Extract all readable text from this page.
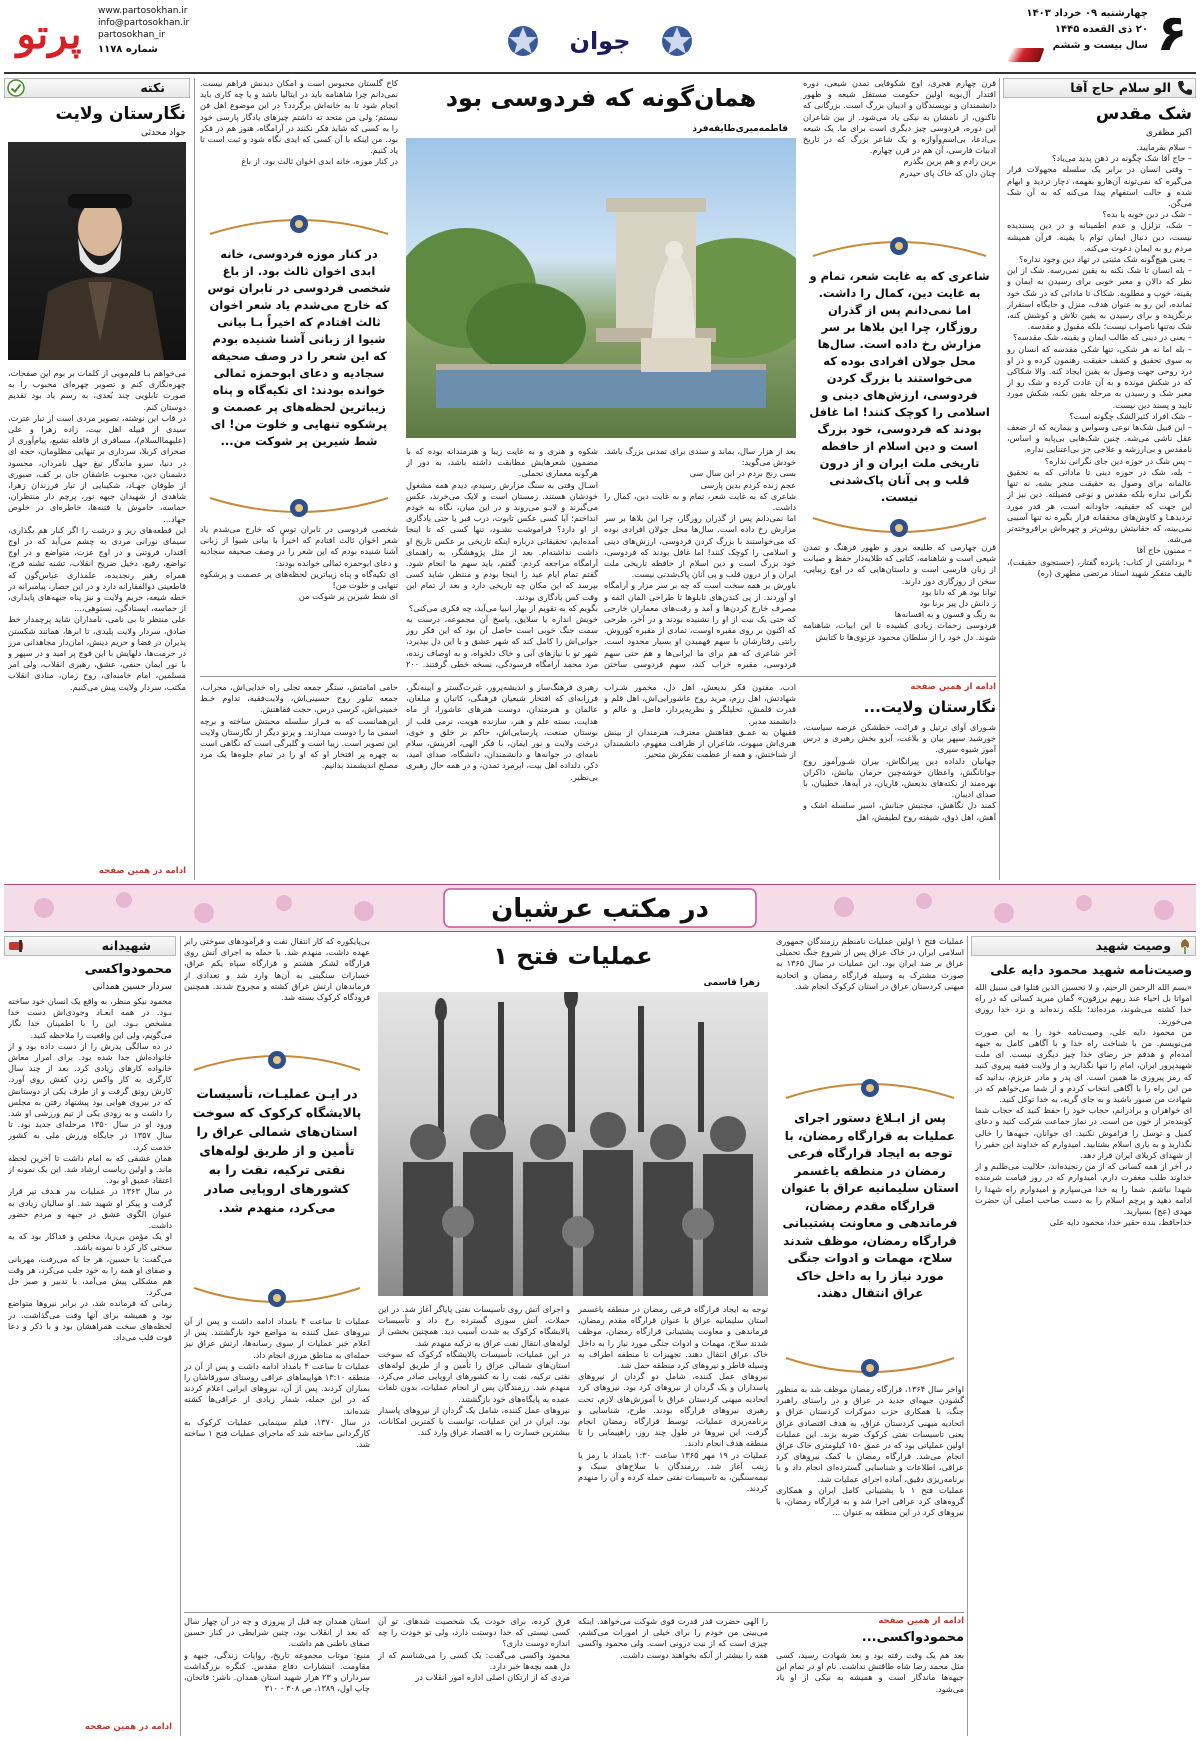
۶
چهارشنبه ۰۹ خرداد ۱۴۰۳
۲۰ ذی القعده ۱۴۴۵
سال بیست و ششم
جوان
www.partosokhan.ir
info@partosokhan.ir
partosokhan_ir
شماره ۱۱۷۸
پرتو
الو سلام حاج آقا
شک مقدس
اکبر مظفری
– سلام بفرمایید.
– حاج آقا شک چگونه در ذهن پدید می‌یاد؟
– وقتی انسان در برابر یک سلسله مجهولات قرار می‌گیره که نمی‌تونه آن‌هارو بفهمه، دچار تردید و ابهام شده و حالت استفهام پیدا می‌کنه که به آن شک می‌گن.
– شک در دین خوبه یا بده؟
– شک، تزلزل و عدم اطمینانه و در دین پسندیده نیست، دین دنبال ایمان توام با یقینه. قرآن همیشه مردم رو به ایمان دعوت می‌کنه.
– یعنی هیچ‌گونه شک مثبتی در تهاد دین وجود نداره؟
– بله انسان تا شک نکنه به یقین نمی‌رسه. شک از این نظر که دالان و معبر خوبی برای رسیدن به ایمان و یقینه، خوب و مطلوبه. شکاک تا ماداتی که در شک خود تمانده، این رو به عنوان هدف، منزل و جایگاه استقرار برنگزیده و برای رسیدن به یقین تلاش و کوشش کنه، شک نه‌تنها ناصواب نیست؛ بلکه مقبول و مقدسه.
– یعنی در دینی که طالب ایمان و یقینه، شک مقدسه؟
– بله اما نه هر شکی، تنها شکی مقدسه که انسان رو به سوی تحقیق و کشف حقیقت رهنمون کرده و در او درد روحی جهت وصول به یقین ایجاد کنه. والا شکاکی که در شکش مونده و به آن عادت کرده و شک رو از معبر شک و رسیدن به مرحله یقین تکنه، شکش مورد تایید و پسند دین نیست.
– شک افراد کثیرالشک چگونه است؟
– این قبیل شک‌ها نوعی وسواس و بیماریه که از ضعف عقل ناشی می‌شه. چنین شک‌هایی بی‌پایه و اساس، نامقدس و بی‌ارزشه و علاجی جز بی‌اعتنایی نداره.
– پس شک در حوزه دین جای نگرانی نداره؟
– بله، شک در حوزه دینی تا ماداتی که به تحقیق عالمانه برای وصول به حقیقت منجر بشه، نه تنها نگرانی نداره بلکه مقدس و نوعی فضیلته. دین نیز از این جهت که حقیقیه، جاودانه است، هر قدر مورد تردیدهـا و کاوش‌های محققانه قرار بگیره نه تنها آسیبی نمی‌بینه، که حقانیتش روشن‌تر و چهره‌اش برافروخته‌تر می‌شه.
– ممنون حاج آقا
* برداشتی از کتاب: پانزده گفتار، (جستجوی حقیقت)، تالیف متفکر شهید استاد مرتضی مطهری (ره)
قرن چهارم هجری، اوج شکوفایی تمدن شیعی، دوره اقتدار آل‌بویه اولین حکومت مستقل شیعه و ظهور دانشمندان و نویسندگان و ادیبان بزرگ است. بزرگانی که تاکنون، از نامشان به نیکی یاد می‌شود. از بین شاعران این دوره، فردوسی چیز دیگری است برای ما. یک شیعه بی‌ادعا، بی‌اسم‌وآوازه و یک شاعر بزرگ که در تاریخ ادبیات فارسی، آن هم در قرن چهارم.
برین زادم و هم برین بگذرم
چنان دان که خاک پای حیدرم
شاعری که به غایت شعر، تمام و به غایت دین، کمال را داشت. اما نمی‌دانم پس از گذران روزگار، چرا این بلاها بر سر مزارش رخ داده است. سال‌ها محل جولان افرادی بوده که می‌خواستند با بزرگ کردن فردوسی، ارزش‌های دینی و اسلامی را کوچک کنند! اما غافل بودند که فردوسی، خود بزرگ است و دین اسلام از حافظه تاریخی ملت ایران و از درون قلب و پی آنان پاک‌شدنی نیست.
قرن چهارمی که طلیعه بروز و ظهور فرهنگ و تمدن شیعی است و شاهنامه، کتابی که طلایه‌دار حفظ و صیانت از زبان فارسی است و داستان‌هایی که در اوج زیبایی، سخن از روزگاری دور دارند.
توانا بود هر که دانا بود
ز دانش دل پیر برنا بود
به رنگ و فسون و به افسانه‌ها
فردوسی زحمات زیادی کشیده تا این ابیات، شاهنامه شوند. دل خود را از سلطان محمود غزنوی‌ها تا کتابش
همان‌گونه که فردوسی بود
فاطمه‌میری‌طایفه‌فرد
بعد از هزار سال، بماند و سندی برای تمدنی بزرگ باشد. خودش می‌گوید:
بسی رنج بردم در این سال سی
عجم زنده کردم بدین پارسی
شاعری که به غایت شعر، تمام و به غایت دین، کمال را داشت.
اما نمی‌دانم پس از گذران روزگار، چرا این بلاها بر سر مزارش رخ داده است. سال‌ها محل جولان افرادی بوده که می‌خواستند با بزرگ کردن فردوسی، ارزش‌های دینی و اسلامی را کوچک کنند! اما غافل بودند که فردوسی، خود بزرگ است و دین اسلام از حافظه تاریخی ملت ایران و از درون قلب و پی آنان پاک‌شدنی نیست.
باورش بر همه سخت است که چه بر سر مزار و آرامگاه او آوردند. از پی کندن‌های تابلوها تا طراحی المان ائمه و مصرف خارج کردن‌ها و آمد و رفت‌های معماران خارجی که حتی یک بیت از او را نشنیده بودند و در آخر، طرحی که اکنون بر روی مقبره اوست، نمادی از مقبره کوروش. رانتی رفتارشان با سهم فهمیدن او بسیار محدود است. آخر شاعری که هم برای ما ایرانی‌ها و هم حتی سهم فردوسی، مقبره خراب کند، سهم فردوسی ساختن
شکوه و هنری و به غایت زیبا و هنرمندانه بوده که با مضمون شعرهایش مطابقت داشته باشد، به دور از هرگونه معماری تجملی.
اسـال وقتی به سنگ مزارش رسیدم، دیدم همه مشغول خودشان هستند. زمستان است و لایک می‌خرند، عکس می‌گیرند و لایـو می‌روند و در این میان، نگاه به خودم انداختم؛ آیا کسی عکس تابوت، درب قبر یا حتی یادگاری از او دارد؟ فراموشت نشـود، تنها کسی که تا اینجا آمده‌ایم، تحقیقاتی درباره اینکه تاریخی بر عکس تاریخ او داشت نداشته‌ام. بعد از مثل پژوهشگر، به راهنمای آرامگاه مراجعه کردم. گفتم، باید سهم ما انجام شود. گفتم تمام ایام عید را اینجا بودم و منتظر، شاید کسی بپرسد که این مکان چه تاریخی دارد و بعد از تمام این وقت کس یادگاری بودند.
بگویم که به تقویم از بهار انبیا می‌آید، چه فکری می‌کنی؟
خویش اندازه یا سلایق، پاسخ آن مجموعه، درست به سمت جنگ خوبی است حاصل آن بود که این فکر روز جوانی‌اش را کامل کند که شهر عشق و با این دل بپذیرد، شهر تو با نیازهای آبی و خاک دلخواه، و به اوصاف زنده، مرد محمد آرامگاه فرسودگی، نسخه خطی گرفتند. ۲۰۰
کاخ گلستان محبوس است و امکان دیدنش فراهم نیست. نمی‌دانم چرا شاهنامه باید در ایتالیا باشد و یا چه کاری باید انجام شود تا به خانه‌اش برگردد؟ در این موضوع اهل فن نیستم؛ ولی من متحد ته داشتم چیزهای یادگار پارسی خود را به کسی که شاید فکر نکنند در آرامگاه، هنوز هم در فکر بود. من اینکه با آن کسی که ایدی نگاه شود و ثبت است تا یاد کنیم.
در کنار موزه، خانه ابدی اخوان ثالث بود. از باغ
در کنار موزه فردوسی، خانه ابدی اخوان ثالث بود. از باغ شخصی فردوسی در تابران توس که خارج می‌شدم یاد شعر اخوان ثالث افتادم که اخیراً بـا بیانی شیوا از زبانی آشنا شنیده بودم که این شعر را در وصف صحیفه سجادیه و دعای ابوحمزه ثمالی خوانده بودند: ای تکیه‌گاه و پناه زیباترین لحظه‌های پر عصمت و پرشکوه تنهایی و خلوت من! ای شط شیرین پر شوکت من...
شخصی فردوسی در تابران توس که خارج می‌شدم یاد شعر اخوان ثالث افتادم که اخیراً با بیانی شیوا از زبانی آشنا شنیده بودم که این شعر را در وصف صحیفه سجادیه و دعای ابوحمزه ثمالی خوانده بودند:
ای تکیه‌گاه و پناه زیباترین لحظه‌های پر عصمت و پرشکوه تنهایی و خلوت من!
ای شط شیرین پر شوکت من
ادامه از همین صفحه
نگارستان ولایت...
شـورای آوای ترتیل و قرائت، خطشکن عرصه سیاست، خورشید سپهر بیان و بلاغت، آبرو بخش رهبری و درس آموز شیوه سپری.
جهانیان دلداده دین پیرانگاش، بیران شـورآموز روح جوانانگش، واعظان خوشه‌چین حرمان بیانش، ذاکران بهره‌مند از نکته‌های بدیعش، قاریان، در آیه‌ها، خطیبان، با صدای ادیبان.
کمند دل نگاهش، مجنبش جنانش، اسیر سلسله اشک و آهش، اهل ذوق، شیفته روح لطیفش، اهل
ادب، مفتون فکر بدیعش، اهل دل، مخمور شـراب شهادتش، اهل رزم، مرید روح عاشورایی‌اش، اهل قلم و قدرت قلمش، تحلیلگر و نظریه‌پرداز، فاضل و عالم و دانشمند مدبر.
فقیهان به عمـق فقاهتش معترف، هنرمندان از بینش هنری‌اش مبهوت، شاعران از ظرافت مفهوم، دانشمندان از شناختش، و همه از عظمت تفکرش متحیر.
رهبری فرهنگ‌ساز و اندیشه‌پرور، غیرت‌گستر و آیینه‌نگر، فرزانه‌ای که افتخار شیعیان فرهنگی، کاتبان و مبلغان، عالمان و هنرمندان، دوست هنرهای عاشورا، از ماه هدایت، بسته علم و هنر، سازنده هویت، نرمی قلب از بوستان صنعت، پارسایی‌اش، حاکم بر خلق و خوی، درخت ولایت و نور ایمان، با فکر الهی، آفرینش، سلام نامه‌ای در جوانه‌ها و دانشمندان، دانشگاه، صدای امید، ذکر، دلداده اهل بیت، ابرمرد تمدن، و در همه حال رهبری بی‌نظیر.
حامی امامتش، سنگر جمعه تجلی راه خدایی‌اش، محراب، جمعه تبلور روح حسینی‌اش، ولایت‌فقیه، تداوم خـط خمینی‌اش، کرسی درس، حجت فقاهتش.
این‌همانست که به فـراز سلسله محبتش ساخته و برچه اسمی ما را دوست میدارند. و پرتو دیگر از نگارستان ولایت این تصویر است. زیبا است و گلبرگی است که نگاهی است به چهره پر افتخار او که او را در تمام جلوه‌ها یک مرد مصلح اندیشمند بدانیم.
نکته
نگارستان ولایت
جواد محدثی
می‌خواهم بـا قلم‌مویی از کلمات بر بوم این صفحات، چهره‌نگاری کنم و تصویر چهره‌ای محبوب را به صورت تابلویی چند بُعدی، به رسم یاد بود تقدیم دوستان کنم.
در قاب این نوشته، تصویر مردی است از تبار عترت، سیدی از قبیله اهل بیت، زاده زهرا و علی (علیهماالسلام)، مسافری از قافله تشیع، پیام‌آوری از صحرای کربلا، سرداری بر تنهایی مظلومان، حجه ای در دنیا، سرو ماندگار تیغ جهل نامردان، محسود دشمنان دین، محبوب عاشقان جان بر کف، صبوری از طوفان جهـاد، شکیبایی از تبار فرزندان زهرا، شاهدی از شهیدان جبهه نور، پرچم دار منتظران، حماسه، خاموش یا فتنه‌ها، خاطره‌ای در خلوص جهاد...
این قطعه‌های ریز و درشت را اگر کنار هم بگذاری، سیمای نورانی مردی به چشم می‌آید که در اوج اقتدار، فروتنی و در اوج عزت، متواضع و در اوج تواضع، رفیع، دخیل ضریح انقلاب، تشنه تشنه فرج، همراه رهبر رنجدیده، علمداری عباس‌گون که قاطعیتی ذوالفقارانه دارد و در این حصار، پیامبرانه در خطه شیعه، حریم ولایت و نیز پناه جبهه‌های پایداری، از حماسه، ایستادگی، نستوهی،...
علی منتظر تا بی نامی، نامداران شاید پرچمدار خط صادق، سردار ولایت پلیدی، تا ابرها، همانند شکستن پذیران در فضا و حریم دینش، امان‌دار مجاهدانی مرز در حرمت‌ها، دلهایش با این فوج پر امید و در سپهر و با نور ایمان حنفی، عشق، رهبری انقلاب، ولی امر مسلمین، امام خامنه‌ای، روح زمان، منادی انقلاب مکتب، سردار ولایت پیش می‌کنیم.
ادامه در همین صفحه
در مکتب عرشیان
وصیت شهید
وصیت‌نامه شهید محمود دایه علی
«بسم الله الرحمن الرحیم، و لا تحسبن الذین قتلوا فی سبیل الله امواتا بل احیاء عند ربهم یرزقون» گمان مبرید کسانی که در راه خدا کشته می‌شوند، مرده‌اند؛ بلکه زنده‌اند و نزد خدا روزی می‌خورند.
من محمود دایه علی، وصیت‌نامه خود را به این صورت می‌نویسم. من با شناخت راه خدا و با آگاهی کامل به جبهه آمده‌ام و هدفم جز رضای خدا چیز دیگری نیست. ای ملت شهیدپرور ایران، امام را تنها نگذارید و از ولایت فقیه پیروی کنید که رمز پیروزی ما همین است. ای پدر و مادر عزیزم، بدانید که من این راه را با آگاهی انتخاب کردم و از شما می‌خواهم که در شهادت من صبور باشید و به جای گریه، به خدا توکل کنید.
ای خواهران و برادرانم، حجاب خود را حفظ کنید که حجاب شما کوبنده‌تر از خون من است. در نماز جماعت شرکت کنید و دعای کمیل و توسل را فراموش نکنید. ای جوانان، جبهه‌ها را خالی نگذارید و به یاری اسلام بشتابید. امیدوارم که خداوند این حقیر را از شهدای کربلای ایران قرار دهد.
در آخر از همه کسانی که از من رنجیده‌اند، حلالیت می‌طلبم و از خداوند طلب مغفرت دارم. امیدوارم که در روز قیامت شرمنده شهدا نباشم. شما را به خدا می‌سپارم و امیدوارم راه شهدا را ادامه دهید و پرچم اسلام را به دست صاحب اصلی آن حضرت مهدی (عج) بسپارید.
خداحافظ، بنده حقیر خدا، محمود دایه علی
عملیات فتح ۱ اولین عملیات نامنظم رزمندگان جمهوری اسلامی ایران در خاک عراق پس از شروع جنگ تحمیلی عراق بر ضد ایران بود. این عملیات در سال ۱۳۶۵ به صورت مشترک به وسیله قرارگاه رمضان و اتحادیه میهنی کردستان عراق در استان کرکوک انجام شد.
پس از ابـلاغ دستور اجرای عملیات به قرارگاه رمضان، با توجه به ایجاد قرارگاه فرعی رمضان در منطقه یاغسمر استان سلیمانیه عراق با عنوان قرارگاه مقدم رمضان، فرماندهی و معاونت پشتیبانی قرارگاه رمضان، موظف شدند سلاح، مهمات و ادوات جنگی مورد نیاز را به داخل خاک عراق انتقال دهند.
اواخر سال ۱۳۶۴، قرارگاه رمضان موظف شد به منظور گشودن جبهه‌ای جدید در عراق و در راستای راهبرد جنگ، با همکاری حزب دموکرات کردستان عراق و اتحادیه میهنی کردستان عراق، به هدف اقتصادی عراق یعنی تاسیسات نفتی کرکوک ضربه بزند. این عملیات اولین عملیاتی بود که در عمق ۱۵۰ کیلومتری خاک عراق انجام می‌شد. قرارگاه رمضان با کمک نیروهای کرد عراقی، اطلاعات و شناسایی گسترده‌ای انجام داد و با برنامه‌ریزی دقیق، آماده اجرای عملیات شد.
عملیات فتح ۱ با پشتیبانی کامل ایران و همکاری گروه‌های کرد عراقی اجرا شد و به قرارگاه رمضان، با نیروهای کرد در این منطقه به عنوان ...
عملیات فتح ۱
زهرا قاسمی
توجه به ایجاد قرارگاه فرعی رمضان در منطقه یاغسمر استان سلیمانیه عراق با عنوان قرارگاه مقدم رمضان، فرماندهی و معاونت پشتیبانی قرارگاه رمضان، موظف شدند سلاح، مهمات و ادوات جنگی مورد نیاز را به داخل خاک عراق انتقال دهند. تجهیزات تا منطقه اطراف به وسیله قاطر و نیروهای کرد منطقه حمل شد.
نیروهای عمل کننده، شامل دو گردان از نیروهای پاسداران و یک گردان از نیروهای کرد بود. نیروهای کرد اتحادیه میهنی کردستان عراق با آموزش‌های لازم، تحت رهبری نیروهای قرارگاه بودند. طرح، شناسایی و برنامه‌ریزی عملیات، توسط قرارگاه رمضان انجام گرفت. این نیروها در طول چند روز، راهپیمایی را تا منطقه هدف انجام دادند.
عملیات در ۱۹ مهر ۱۳۶۵ ساعت ۱:۳۰ بامداد با رمز یا زینب آغاز شد. رزمندگان با سلاح‌های سبک و نیمه‌سنگین، به تاسیسات نفتی حمله کرده و آن را منهدم کردند.
و اجرای آتش روی تأسیسات نفتی پایاگر آغاز شد. در این حملات، آتش سوزی گسترده رخ داد و تأسیسات پالایشگاه کرکوک به شدت آسیب دید. همچنین بخشی از لوله‌های انتقال نفت عراق به ترکیه منهدم شد.
در این عملیات، تأسیسات پالایشگاه کرکوک که سوخت استان‌های شمالی عراق را تأمین و از طریق لوله‌های نفتی ترکیه، نفت را به کشورهای اروپایی صادر می‌کرد، منهدم شد. رزمندگان پس از انجام عملیات، بدون تلفات عمده به پایگاه‌های خود بازگشتند.
نیروهای عمل کننده، شامل یک گردان از نیروهای پاسدار بود. ایران در این عملیات، توانست با کمترین امکانات، بیشترین خسارت را به اقتصاد عراق وارد کند.
بی‌پایکوره که کار انتقال نفت و قرآمودهای سوختی رابر عهده داشت، منهدم شد. با حمله به اجرای آتش روی قرارگاه لشکر هشتم و قرارگاه سپاه یکم عراق، خسارات سنگینی به آن‌ها وارد شد و تعدادی از فرماندهان ارتش عراق کشته و مجروح شدند. همچنین فرودگاه کرکوک بسته شد.
در ایـن عملیـات، تأسیسات پالایشگاه کرکوک که سوخت استان‌های شمالی عراق را تأمین و از طریق لوله‌های نفتی ترکیه، نفت را به کشورهای اروپایی صادر می‌کرد، منهدم شد.
عملیات تا ساعت ۴ بامداد ادامه داشت و پس از آن نیروهای عمل کننده به مواضع خود بازگشتند. پس از اعلام خبر عملیات از سوی رسانه‌ها، ارتش عراق نیز حمله‌ای به مناطق مرزی انجام داد.
عملیات تا ساعت ۴ بامداد ادامه داشت و پس از آن در منطقه ۱۳:۱۰ هواپیماهای عراقی روستای سورقاشان را بمباران کردند. پس از آن، نیروهای ایرانی اعلام کردند که در این حمله، شمار زیادی از عراقی‌ها کشته شده‌اند.
در سال ۱۳۷۰، فیلم سینمایی عملیات کرکوک به کارگردانی ساخته شد که ماجرای عملیات فتح ۱ ساخته شد.
ادامه از همین صفحه
محمودواکسی...
بعد هم یک وقت رفته بود و بعد شهادت رسید، کسی مثل محمد رضا شاه طاقتش نداشت. نام او در تمام این جبهه‌ها ماندگار است و همیشه به نیکی از او یاد می‌شود.
را الهی حضرت قدر قدرت قوی شوکت می‌خواهد. اینکه می‌بینی من خودم را برای خیلی از امورات می‌کشم، چیزی است که از نیت درونی است. ولی محمود واکسی همه را بیشتر از آنکه بخواهند دوست داشت.
فرق کرده، برای خودت یک شخصیت شدهای. تو آن کسی نیستی که خدا دوستت دارد، ولی تو خودت را چه اندازه دوست داری؟
محمود واکسی می‌گفت: یک کسی را می‌شناسم که از دل همه بچه‌ها خبر دارد.
مردی که از ارتکان اصلی اداره امور انقلاب در
استان همدان چه قبل از پیروزی و چه در آن چهار سال که بعد از انقلاب بود، چنین شرایطی در کنار حسین صفای باطنی هم داشت.
منبع: موتاب مجموعه تاریخ، روایات زندگی، جبهه و مقاومت. انتشارات دفاع مقدس. کنگره بزرگداشت سرداران و ۲۳ هزار شهید استان همدان. ناشر: فاتحان، چاپ اول، ۱۳۸۹، ص ۳۰۸ - ۳۱۰
شهیدانه
محمودواکسی
سردار حسین همدانی
محمود نیکو منظر، به واقع یک انسان خود ساخته بـود. در همه ابعـاد وجودی‌اش دست خدا مشخص بـود. این را با اطمینان خدا نگار می‌گویم، ولی این واقعیت را ملاحظه کنید.
در ده سالگی پدرش را از دست داده بود و از خانواده‌اش جدا شده بود. برای امرار معاش خانواده کارهای زیادی کرد. بعد از چند سال کارگری به کار واکس زدن کفش روی آورد. کارش رونق گرفت و از طرف یکی از دوستانش که در نیروی هوایی بود پیشنهاد رفتن به مجلس را داشت و به زودی یکی از تیم ورزشی او شد. ورود او در سال ۱۳۵۰ مرحله‌ای جدید بود. تا سال ۱۳۵۷ در جایگاه ورزش ملی به کشور خدمت کرد.
همان عشقی که به امام داشت تا آخرین لحظه ماند. و اولین ریاست ارشاد شد. این یک نمونه از اعتقاد عمیق او بود.
در سال ۱۳۶۳ در عملیات بدر هـدف تیر قرار گرفت و پیکر او شهید شد. او سالیان زیادی به عنوان الگوی عشق در جبهه و مردم حضور داشت.
او یک مؤمن بی‌ریا، مخلص و فداکار بود که به سختی کار کرد تا نمونه باشد.
می‌گفت: یا حسین، هر جا که می‌رفت، مهربانی و صفای او همه را به خود جلب می‌کرد، هر وقت هم مشکلی پیش می‌آمد، با تدبیر و صبر حل می‌کرد.
زمانی که فرمانده شد، در برابر نیروها متواضع بود و همیشه برای آنها وقت می‌گذاشت. در لحظه‌های سخت همراهشان بود و با ذکر و دعا قوت قلب می‌داد.
ادامه در همین صفحه
